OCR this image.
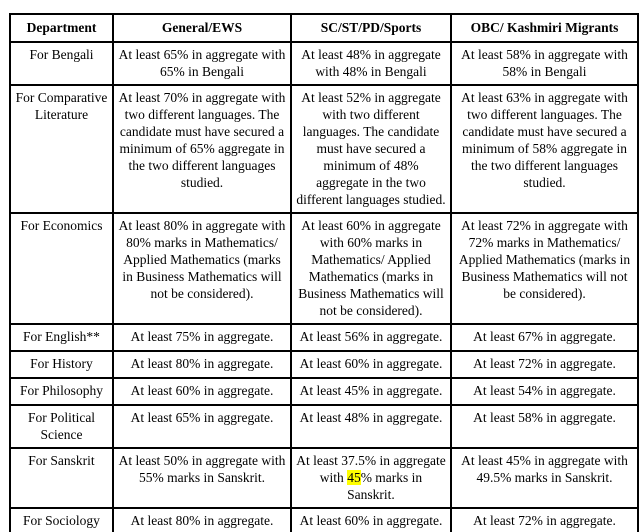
Department	General/EWS	SC/ST/PD/Sports	OBC/ Kashmiri Migrants
For Bengali	At least 65% in aggregate with 65% in Bengali	At least 48% in aggregate with 48% in Bengali	At least 58% in aggregate with 58% in Bengali
For Comparative Literature	At least 70% in aggregate with two different languages. The candidate must have secured a minimum of 65% aggregate in the two different languages studied.	At least 52% in aggregate with two different languages. The candidate must have secured a minimum of 48% aggregate in the two different languages studied.	At least 63% in aggregate with two different languages. The candidate must have secured a minimum of 58% aggregate in the two different languages studied.
For Economics	At least 80% in aggregate with 80% marks in Mathematics/ Applied Mathematics (marks in Business Mathematics will not be considered).	At least 60% in aggregate with 60% marks in Mathematics/ Applied Mathematics (marks in Business Mathematics will not be considered).	At least 72% in aggregate with 72% marks in Mathematics/ Applied Mathematics (marks in Business Mathematics will not be considered).
For English**	At least 75% in aggregate.	At least 56% in aggregate.	At least 67% in aggregate.
For History	At least 80% in aggregate.	At least 60% in aggregate.	At least 72% in aggregate.
For Philosophy	At least 60% in aggregate.	At least 45% in aggregate.	At least 54% in aggregate.
For Political Science	At least 65% in aggregate.	At least 48% in aggregate.	At least 58% in aggregate.
For Sanskrit	At least 50% in aggregate with 55% marks in Sanskrit.	At least 37.5% in aggregate with 45% marks in Sanskrit.	At least 45% in aggregate with 49.5% marks in Sanskrit.
For Sociology	At least 80% in aggregate.	At least 60% in aggregate.	At least 72% in aggregate.
